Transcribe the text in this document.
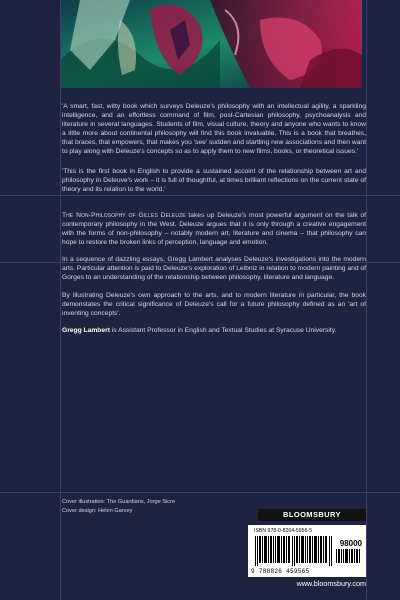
'A smart, fast, witty book which surveys Deleuze's philosophy with an intellectual agility, a sparkling intelligence, and an effortless command of film, post-Cartesian philosophy, psychoanalysis and literature in several languages. Students of film, visual culture, theory and anyone who wants to know a little more about continental philosophy will find this book invaluable. This is a book that breathes, that braces, that empowers, that makes you 'see' sudden and startling new associations and then want to play along with Deleuze's concepts so as to apply them to new films, books, or theoretical issues.'

'This is the first book in English to provide a sustained accoint of the relationship between art and philosophy in Deleuve's work – it is full of thoughtful, at times brilliant reflections on the current state of theory and its relation to the world.'

The Non-Philosophy of Gilles Deleuze takes up Deleuze's most powerful argument on the talk of contemporary philosophy in the West. Deleuze argues that it is only through a creative engagement with the forms of non-philosophy – notably modern art, literature and cinema – that philosophy can hope to restore the broken links of perception, language and emotion.

In a sequence of dazzling essays, Gregg Lambert analyses Deleuze's investigations into the modern arts. Particular attention is paid to Deleuze's exploration of Leibniz in relation to modern painting and of Gorges to an understanding of the relationship between philosophy, literature and language.

By illustrating Deleuze's own approach to the arts, and to modern literature in particular, the book demonstates the critical significance of Deleuze's call for a future philosophy defined as an 'art of inventing concepts'.

Gregg Lambert is Assistant Professor in English and Textual Studies at Syracuse University.

Cover illustration: The Guardians, Jorge Sicre
Cover design: Helen Garvey	BLOOMSBURY
ISBN 978-0-8264-5956-5
98000
9 780826 459565
www.bloomsbury.com
